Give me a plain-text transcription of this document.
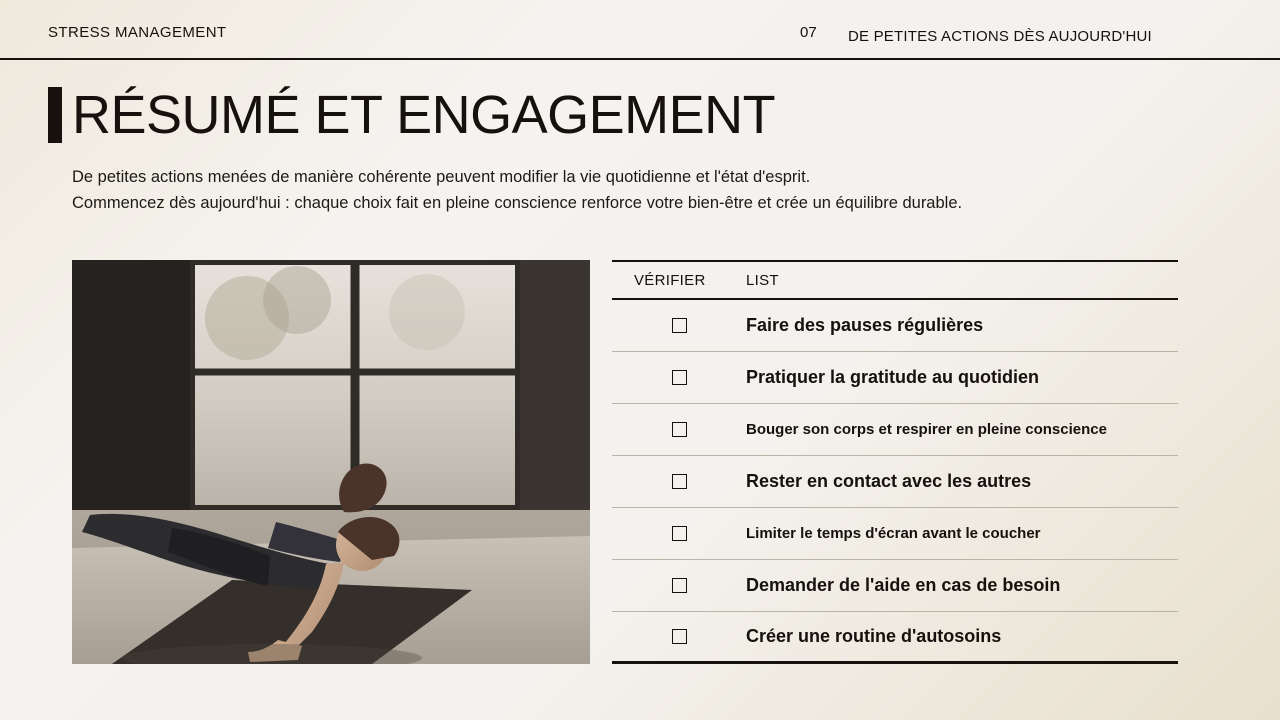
STRESS MANAGEMENT	07 DE PETITES ACTIONS DÈS AUJOURD'HUI
RÉSUMÉ ET ENGAGEMENT
De petites actions menées de manière cohérente peuvent modifier la vie quotidienne et l'état d'esprit.
Commencez dès aujourd'hui : chaque choix fait en pleine conscience renforce votre bien-être et crée un équilibre durable.
VÉRIFIER	LIST
Faire des pauses régulières
Pratiquer la gratitude au quotidien
Bouger son corps et respirer en pleine conscience
Rester en contact avec les autres
Limiter le temps d'écran avant le coucher
Demander de l'aide en cas de besoin
Créer une routine d'autosoins
